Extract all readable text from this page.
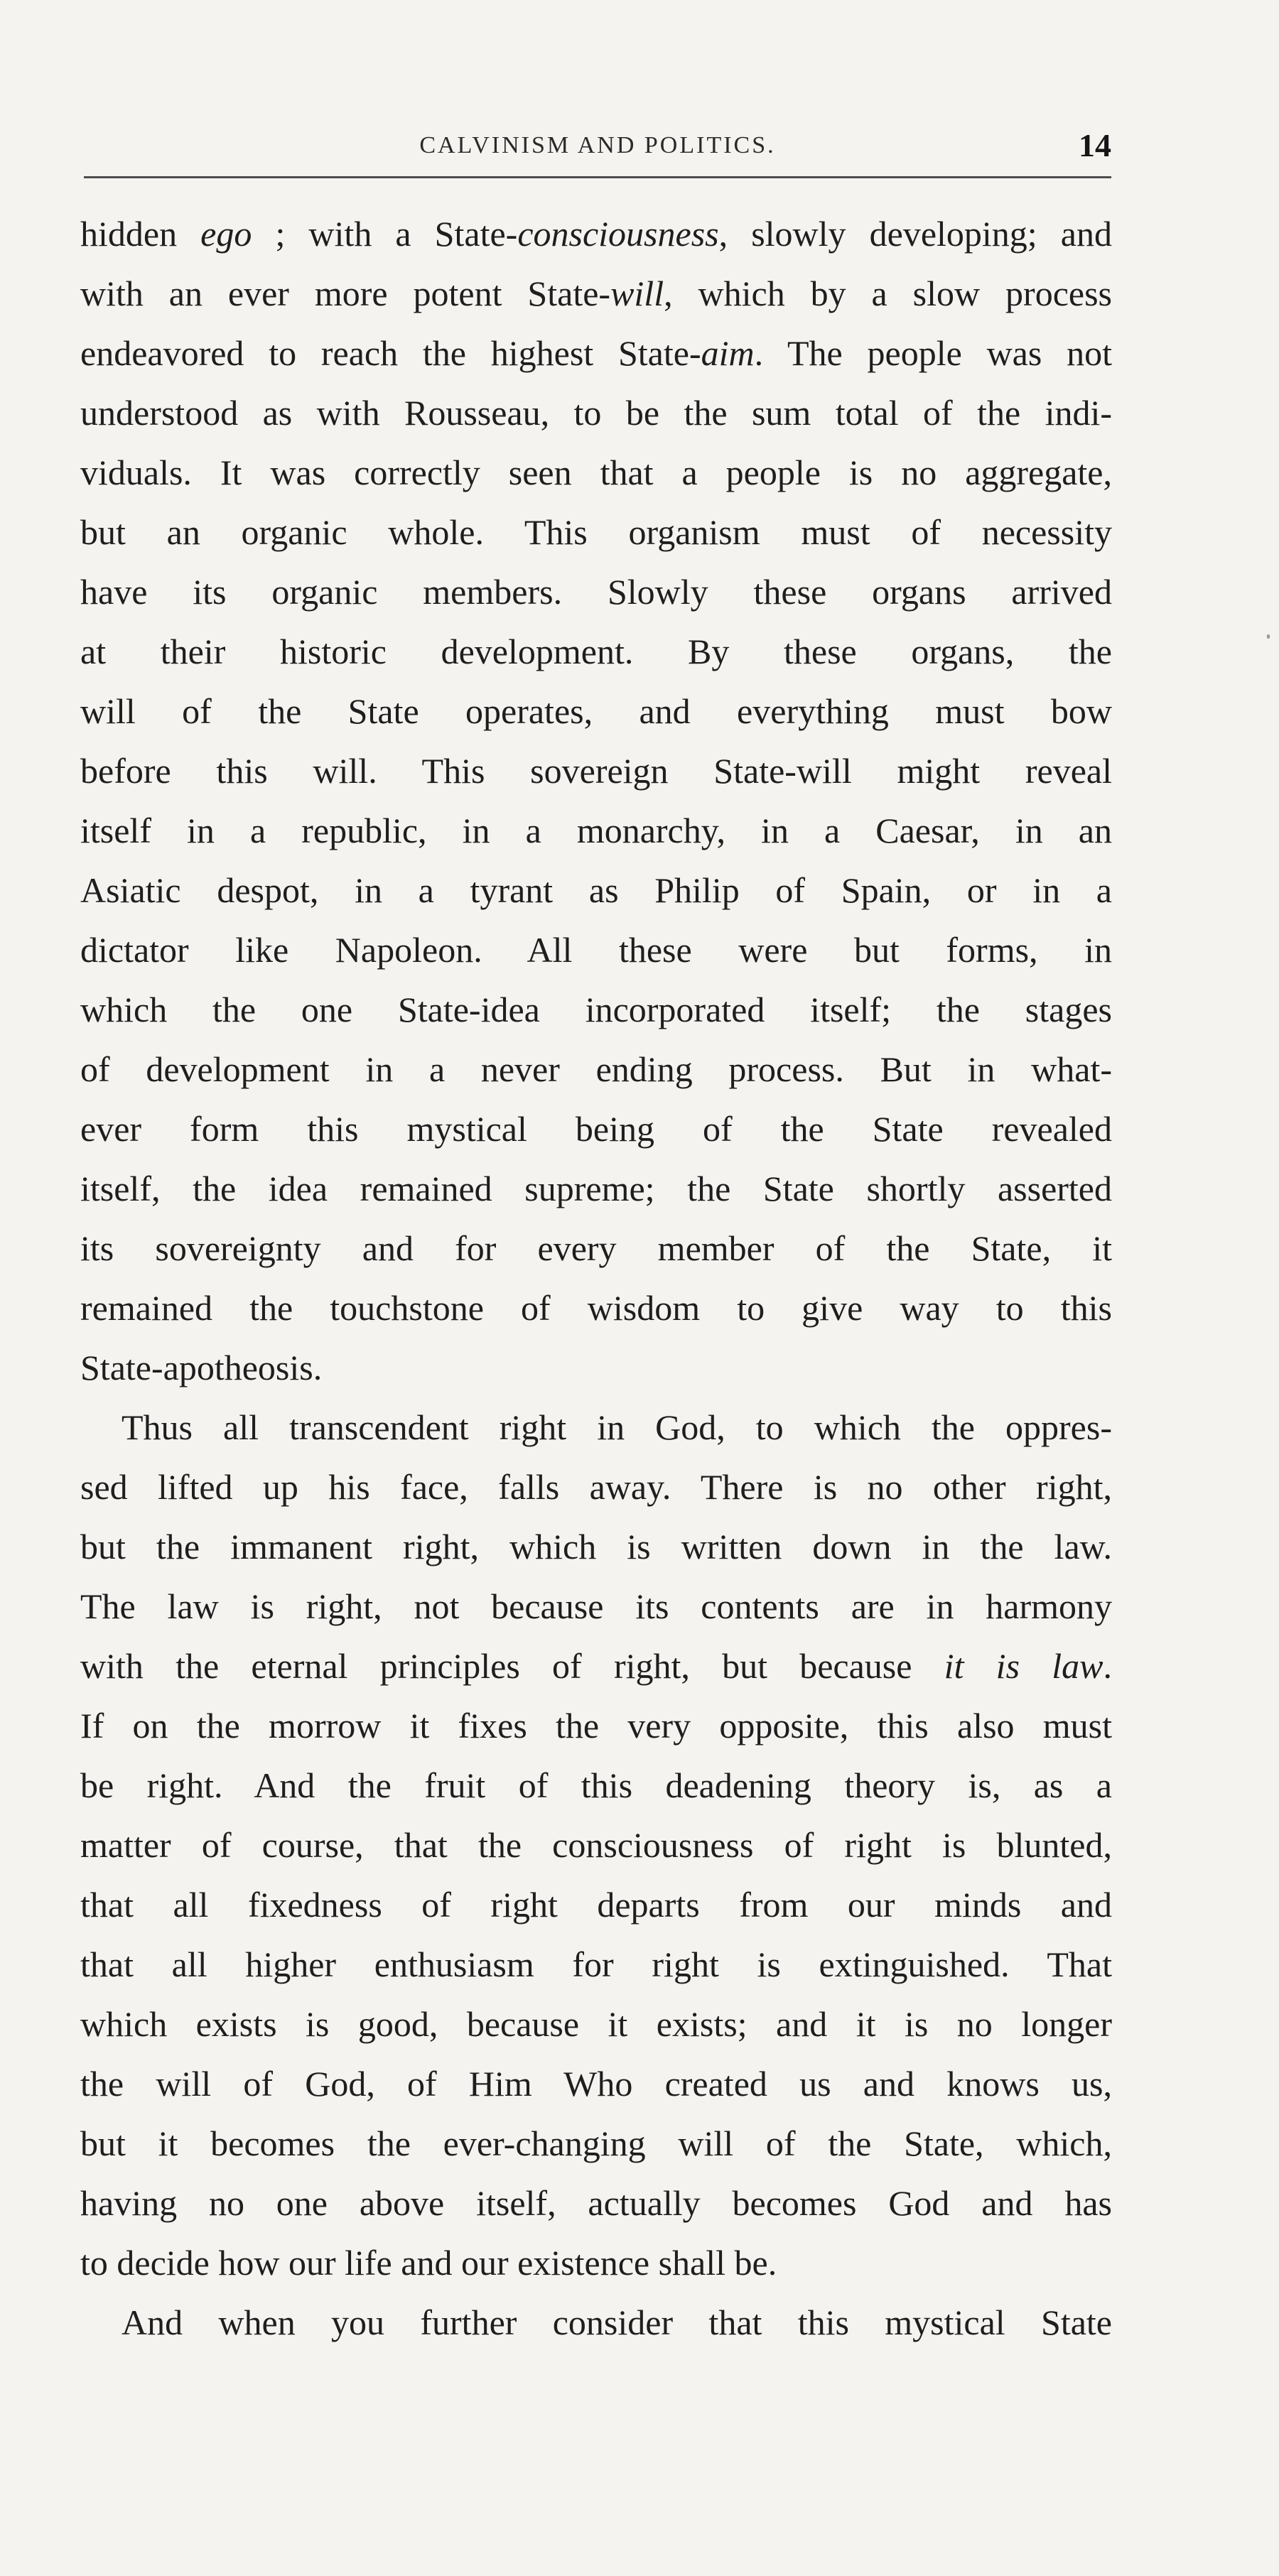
CALVINISM AND POLITICS.	14
hidden ego ; with a State-consciousness, slowly developing; and
with an ever more potent State-will, which by a slow process
endeavored to reach the highest State-aim. The people was not
understood as with Rousseau, to be the sum total of the indi-
viduals. It was correctly seen that a people is no aggregate,
but an organic whole. This organism must of necessity
have its organic members. Slowly these organs arrived
at their historic development. By these organs, the
will of the State operates, and everything must bow
before this will. This sovereign State-will might reveal
itself in a republic, in a monarchy, in a Caesar, in an
Asiatic despot, in a tyrant as Philip of Spain, or in a
dictator like Napoleon. All these were but forms, in
which the one State-idea incorporated itself; the stages
of development in a never ending process. But in what-
ever form this mystical being of the State revealed
itself, the idea remained supreme; the State shortly asserted
its sovereignty and for every member of the State, it
remained the touchstone of wisdom to give way to this
State-apotheosis.
Thus all transcendent right in God, to which the oppres-
sed lifted up his face, falls away. There is no other right,
but the immanent right, which is written down in the law.
The law is right, not because its contents are in harmony
with the eternal principles of right, but because it is law.
If on the morrow it fixes the very opposite, this also must
be right. And the fruit of this deadening theory is, as a
matter of course, that the consciousness of right is blunted,
that all fixedness of right departs from our minds and
that all higher enthusiasm for right is extinguished. That
which exists is good, because it exists; and it is no longer
the will of God, of Him Who created us and knows us,
but it becomes the ever-changing will of the State, which,
having no one above itself, actually becomes God and has
to decide how our life and our existence shall be.
And when you further consider that this mystical State
